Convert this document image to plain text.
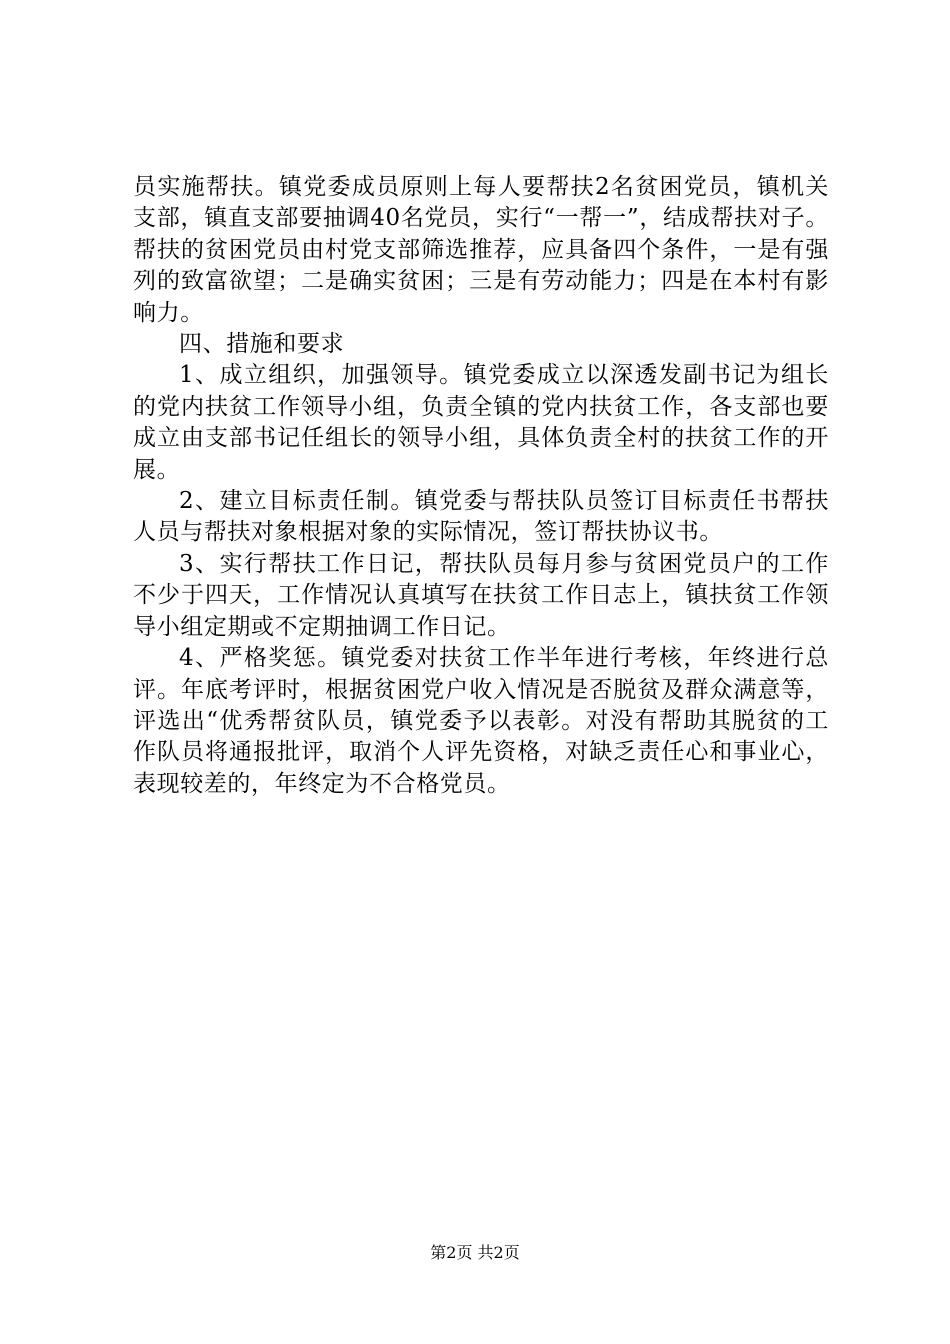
员实施帮扶。镇党委成员原则上每人要帮扶2名贫困党员，镇机关支部，镇直支部要抽调40名党员，实行“一帮一”，结成帮扶对子。帮扶的贫困党员由村党支部筛选推荐，应具备四个条件，一是有强列的致富欲望；二是确实贫困；三是有劳动能力；四是在本村有影响力。

四、措施和要求

1、成立组织，加强领导。镇党委成立以深透发副书记为组长的党内扶贫工作领导小组，负责全镇的党内扶贫工作，各支部也要成立由支部书记任组长的领导小组，具体负责全村的扶贫工作的开展。

2、建立目标责任制。镇党委与帮扶队员签订目标责任书帮扶人员与帮扶对象根据对象的实际情况，签订帮扶协议书。

3、实行帮扶工作日记，帮扶队员每月参与贫困党员户的工作不少于四天，工作情况认真填写在扶贫工作日志上，镇扶贫工作领导小组定期或不定期抽调工作日记。

4、严格奖惩。镇党委对扶贫工作半年进行考核，年终进行总评。年底考评时，根据贫困党户收入情况是否脱贫及群众满意等，评选出“优秀帮贫队员，镇党委予以表彰。对没有帮助其脱贫的工作队员将通报批评，取消个人评先资格，对缺乏责任心和事业心，表现较差的，年终定为不合格党员。

第2页 共2页
